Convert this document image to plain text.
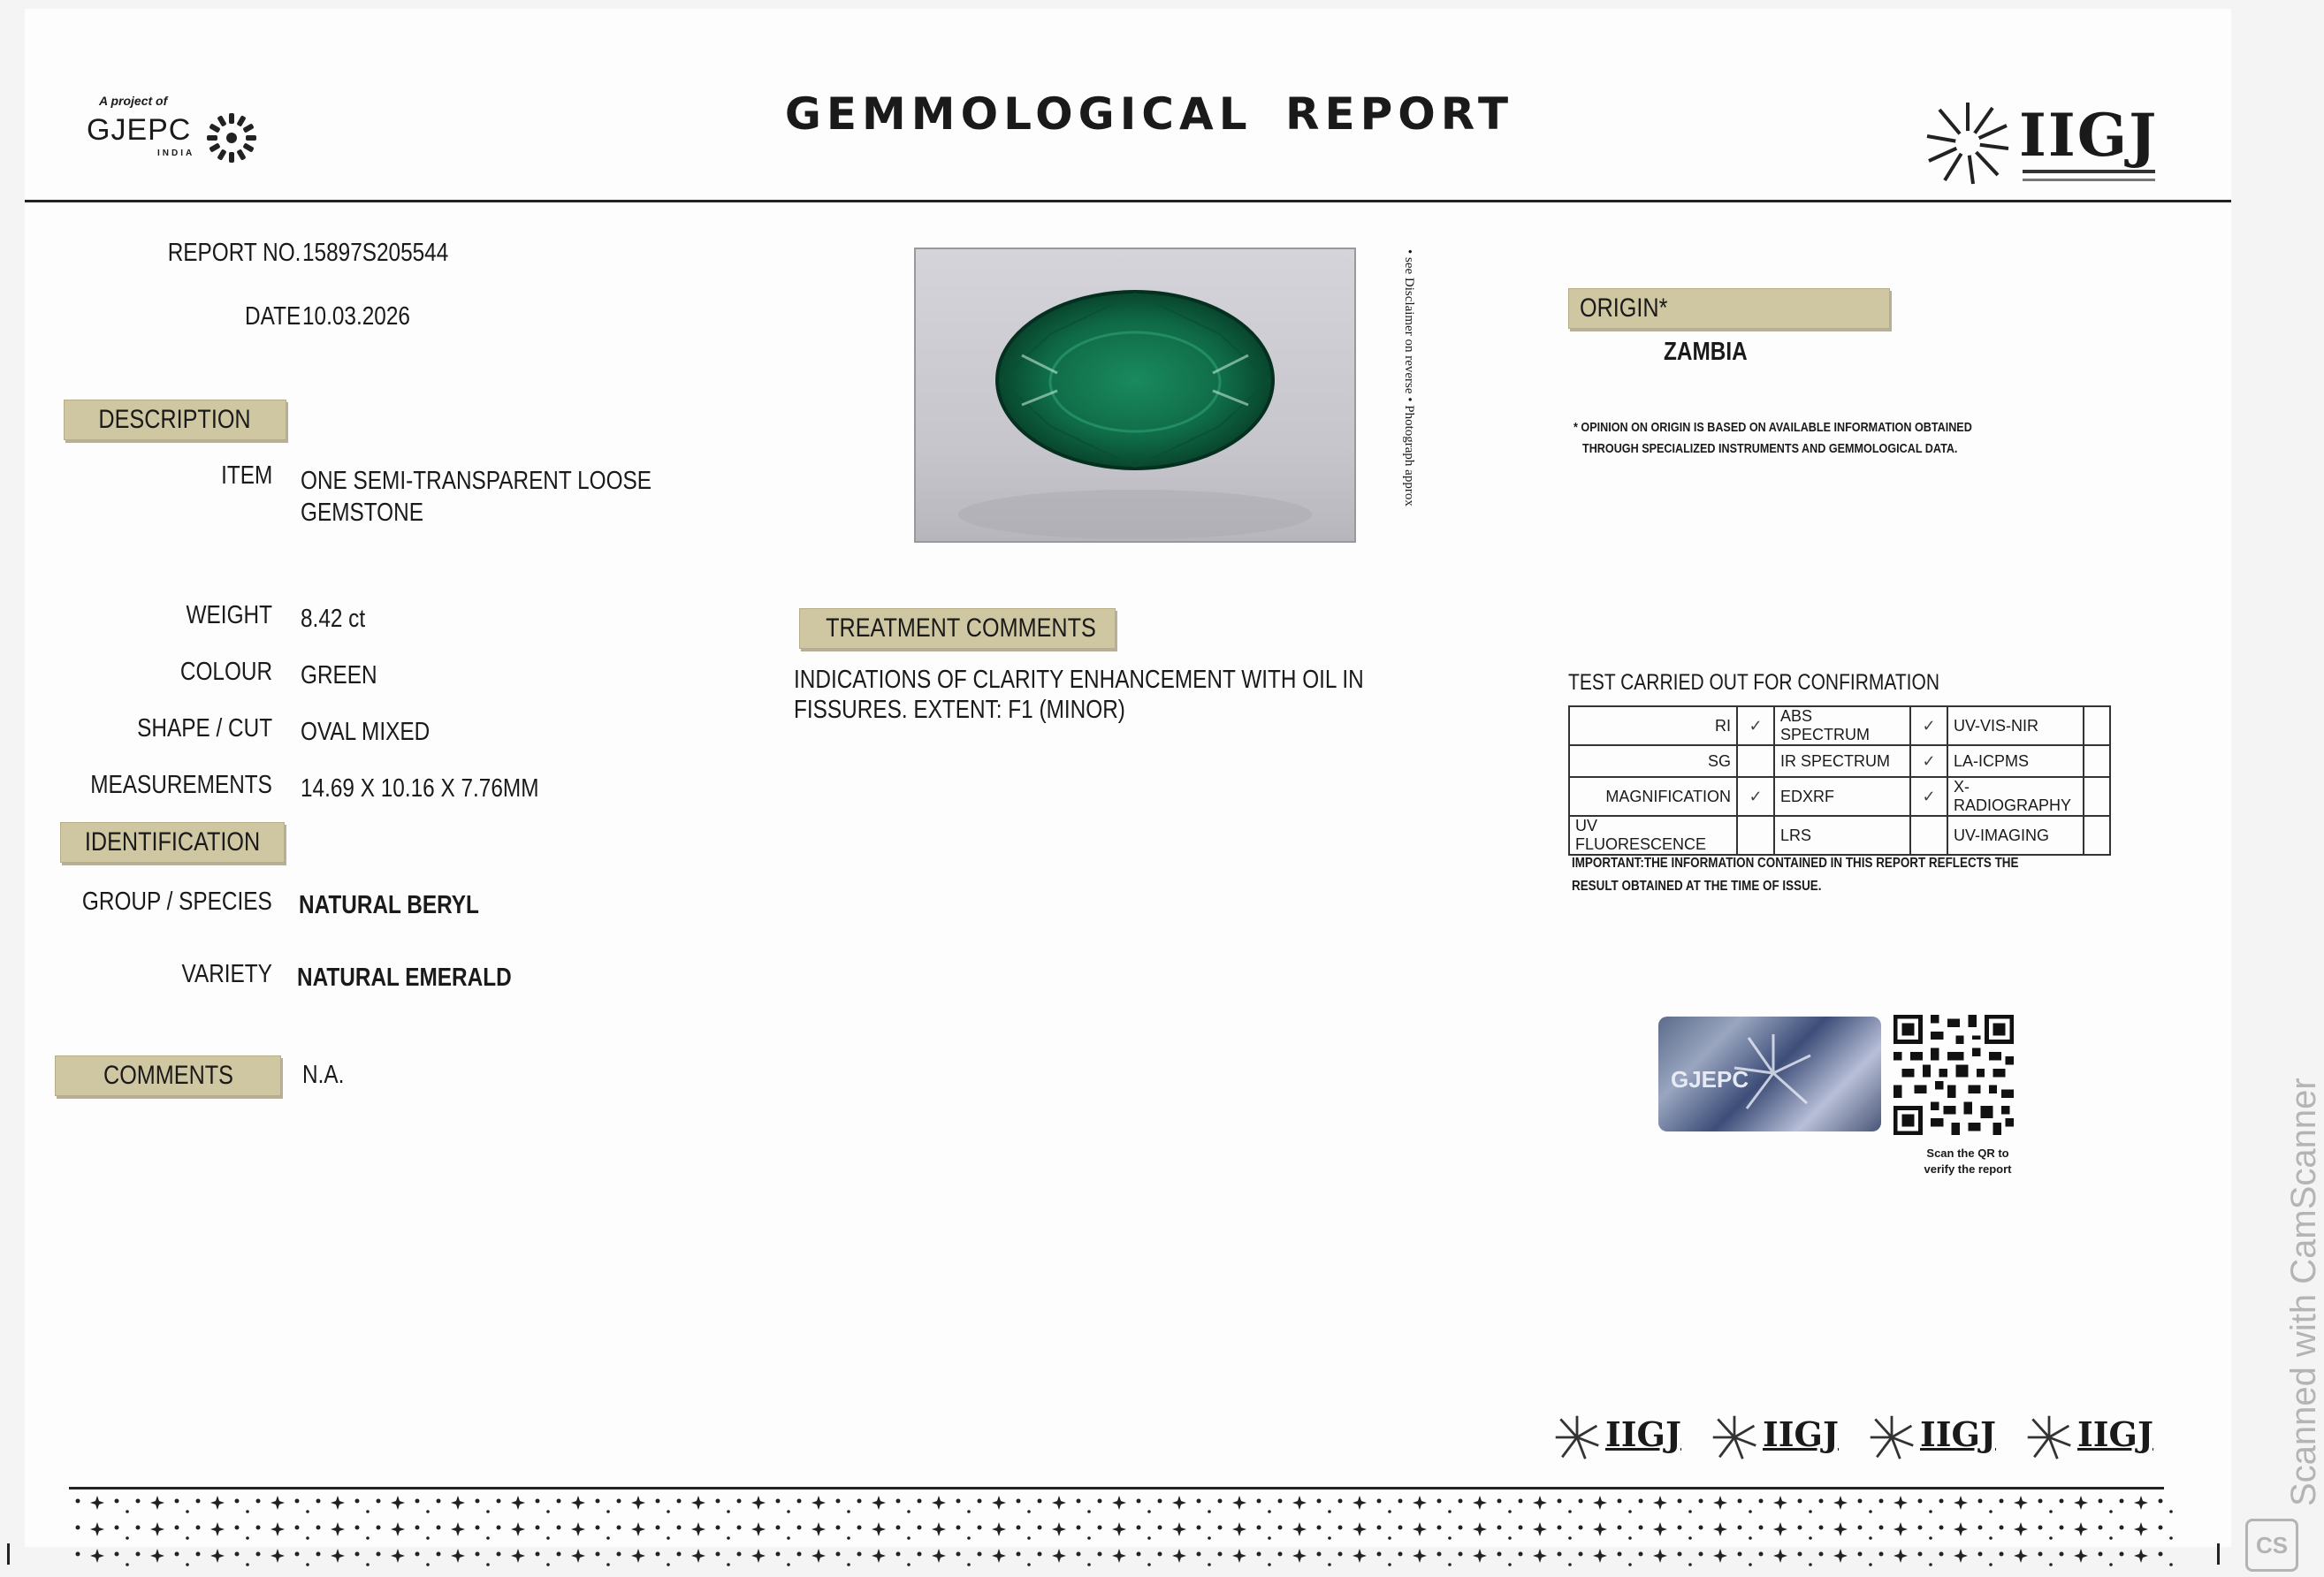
A project of
GJEPC
INDIA
GEMMOLOGICAL REPORT	IIGJ
REPORT NO. 15897S205544
DATE 10.03.2026
DESCRIPTION
ITEM ONE SEMI-TRANSPARENT LOOSE
GEMSTONE
WEIGHT 8.42 ct
COLOUR GREEN
SHAPE / CUT OVAL MIXED
MEASUREMENTS 14.69 X 10.16 X 7.76MM
IDENTIFICATION
GROUP / SPECIES NATURAL BERYL
VARIETY NATURAL EMERALD
COMMENTS	N.A.
• see Disclaimer on reverse • Photograph approx
TREATMENT COMMENTS
INDICATIONS OF CLARITY ENHANCEMENT WITH OIL IN
FISSURES. EXTENT: F1 (MINOR)
ORIGIN*
ZAMBIA
* OPINION ON ORIGIN IS BASED ON AVAILABLE INFORMATION OBTAINED
THROUGH SPECIALIZED INSTRUMENTS AND GEMMOLOGICAL DATA.
TEST CARRIED OUT FOR CONFIRMATION
RI	✓	ABS SPECTRUM	✓	UV-VIS-NIR	
SG		IR SPECTRUM	✓	LA-ICPMS	
MAGNIFICATION	✓	EDXRF	✓	X-RADIOGRAPHY	
UV FLUORESCENCE		LRS		UV-IMAGING	
IMPORTANT:THE INFORMATION CONTAINED IN THIS REPORT REFLECTS THE
RESULT OBTAINED AT THE TIME OF ISSUE.
GJEPC
Scan the QR to
verify the report
IIGJ IIGJ IIGJ IIGJ	Scanned with CamScanner
CS
